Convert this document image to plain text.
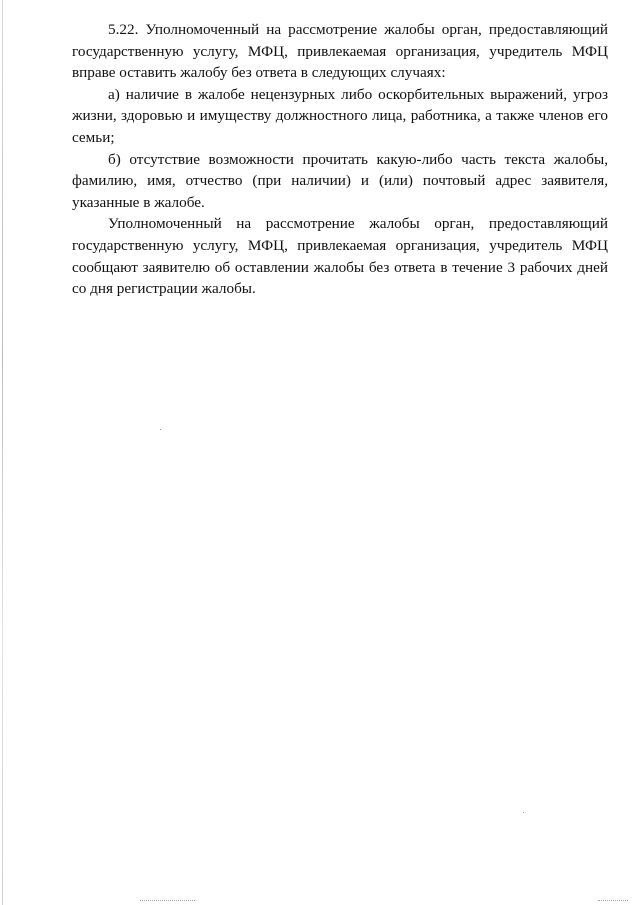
5.22. Уполномоченный на рассмотрение жалобы орган, предоставляющий государственную услугу, МФЦ, привлекаемая организация, учредитель МФЦ вправе оставить жалобу без ответа в следующих случаях:

а) наличие в жалобе нецензурных либо оскорбительных выражений, угроз жизни, здоровью и имуществу должностного лица, работника, а также членов его семьи;

б) отсутствие возможности прочитать какую-либо часть текста жалобы, фамилию, имя, отчество (при наличии) и (или) почтовый адрес заявителя, указанные в жалобе.

Уполномоченный на рассмотрение жалобы орган, предоставляющий государственную услугу, МФЦ, привлекаемая организация, учредитель МФЦ сообщают заявителю об оставлении жалобы без ответа в течение 3 рабочих дней со дня регистрации жалобы.
